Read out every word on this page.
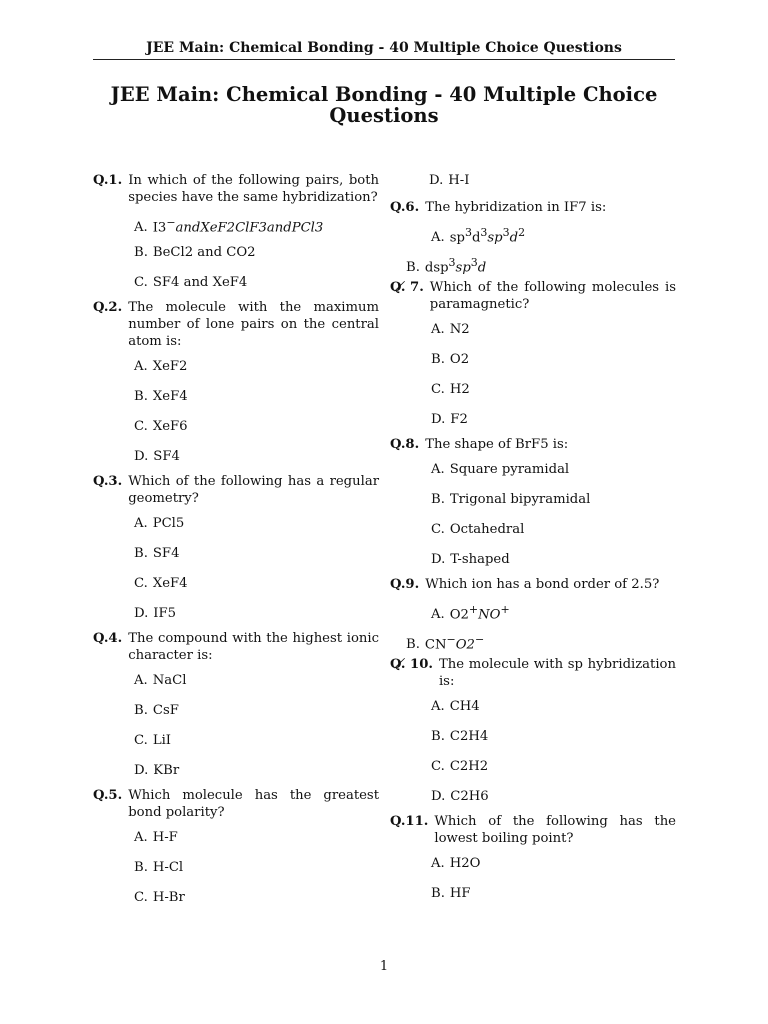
JEE Main: Chemical Bonding - 40 Multiple Choice Questions
JEE Main: Chemical Bonding - 40 Multiple Choice Questions
Q.1. In which of the following pairs, both species have the same hybridization?
A. I3−andXeF2ClF3andPCl3
B. BeCl2 and CO2
C. SF4 and XeF4
Q.2. The molecule with the maximum number of lone pairs on the central atom is:
A. XeF2
B. XeF4
C. XeF6
D. SF4
Q.3. Which of the following has a regular geometry?
A. PCl5
B. SF4
C. XeF4
D. IF5
Q.4. The compound with the highest ionic character is:
A. NaCl
B. CsF
C. LiI
D. KBr
Q.5. Which molecule has the greatest bond polarity?
A. H-F
B. H-Cl
C. H-Br
D. H-I
Q.6. The hybridization in IF7 is:
A. $sp^3d^3sp^3d^2$
B. $dsp^3sp^3d$
Q.̸ 7. Which of the following molecules is paramagnetic?
A. N2
B. O2
C. H2
D. F2
Q.8. The shape of BrF5 is:
A. Square pyramidal
B. Trigonal bipyramidal
C. Octahedral
D. T-shaped
Q.9. Which ion has a bond order of 2.5?
A. O2+NO+
B. CN−O2−
Q.̸ 10. The molecule with sp hybridization is:
A. CH4
B. C2H4
C. C2H2
D. C2H6
Q.11. Which of the following has the lowest boiling point?
A. H2O
B. HF
1
